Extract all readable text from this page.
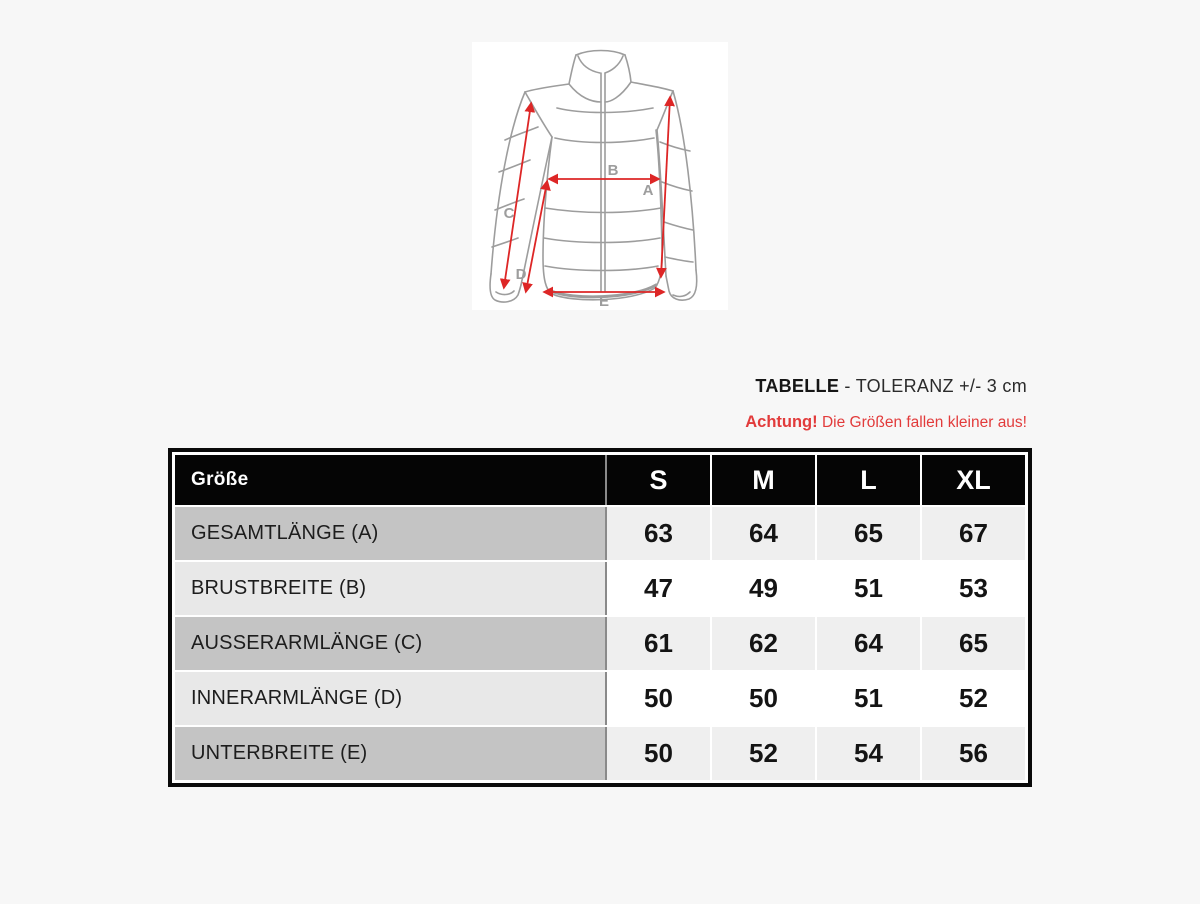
B
A
C
D
E
TABELLE - TOLERANZ +/- 3 cm
Achtung! Die Größen fallen kleiner aus!
Größe	S	M	L	XL
GESAMTLÄNGE (A)	63	64	65	67
BRUSTBREITE (B)	47	49	51	53
AUSSERARMLÄNGE (C)	61	62	64	65
INNERARMLÄNGE (D)	50	50	51	52
UNTERBREITE (E)	50	52	54	56
